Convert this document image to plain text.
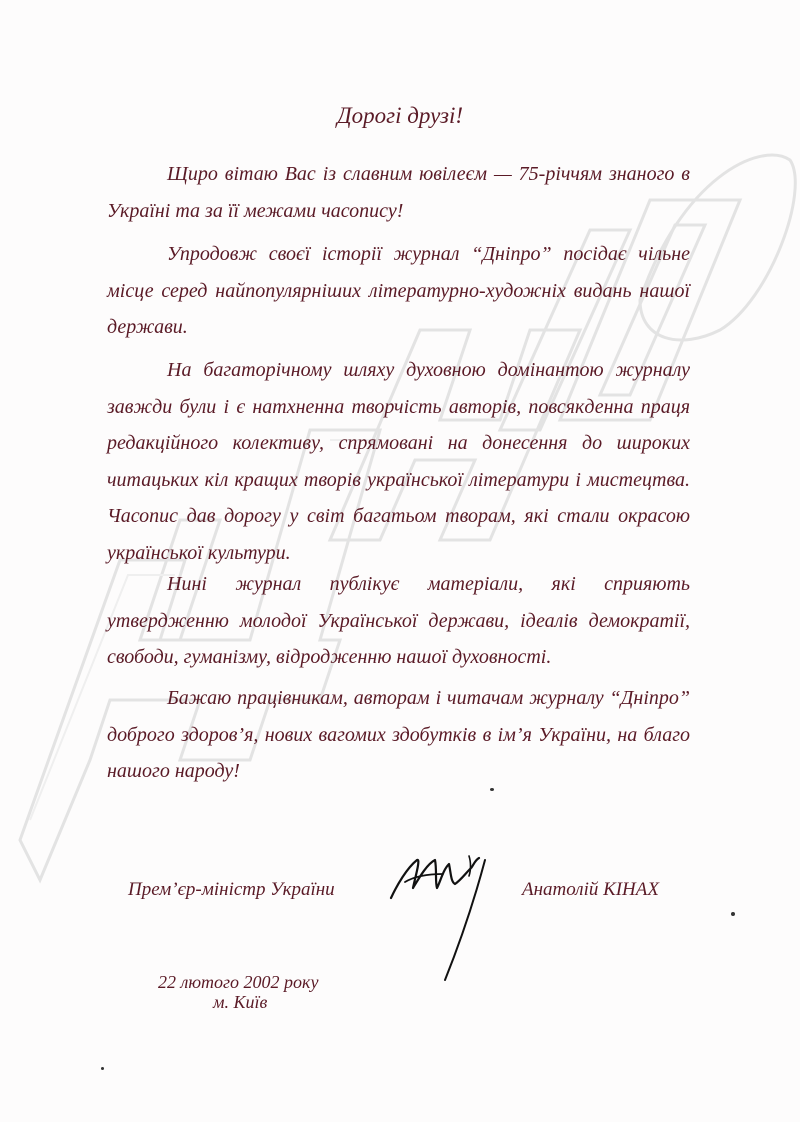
Дорогі друзі!
Щиро вітаю Вас із славним ювілеєм — 75-річчям знаного в Україні та за її межами часопису!
Упродовж своєї історії журнал “Дніпро” посідає чільне місце серед найпопулярніших літературно-художніх видань нашої держави.
На багаторічному шляху духовною домінантою журналу завжди були і є натхненна творчість авторів, повсякденна праця редакційного колективу, спрямовані на донесення до широких читацьких кіл кращих творів української літератури і мистецтва. Часопис дав дорогу у світ багатьом творам, які стали окрасою української культури.
Нині журнал публікує матеріали, які сприяють утвердженню молодої Української держави, ідеалів демократії, свободи, гуманізму, відродженню нашої духовності.
Бажаю працівникам, авторам і читачам журналу “Дніпро” доброго здоров’я, нових вагомих здобутків в ім’я України, на благо нашого народу!
Прем’єр-міністр України	Анатолій КІНАХ
22 лютого 2002 року
м. Київ
